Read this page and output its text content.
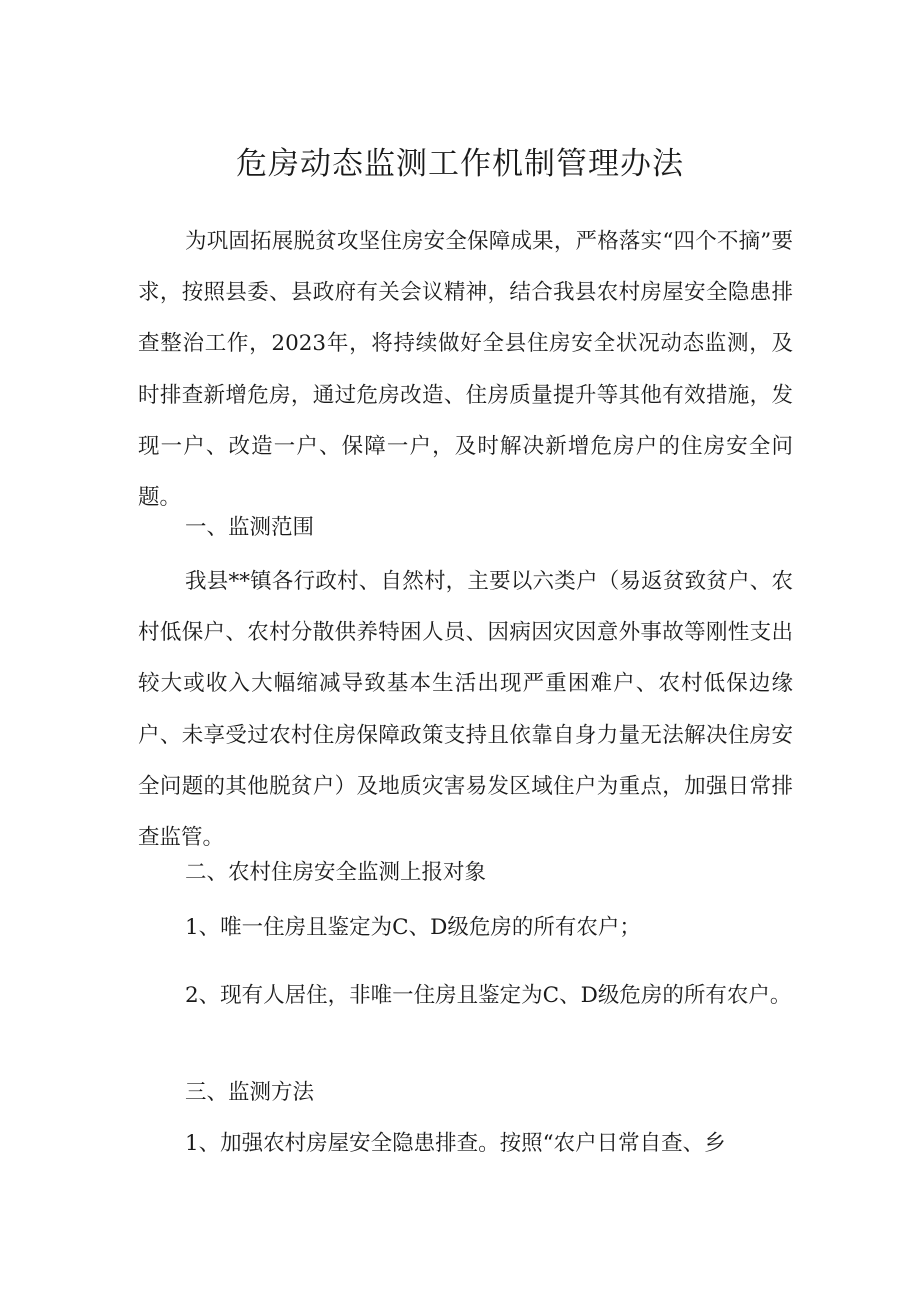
危房动态监测工作机制管理办法
为巩固拓展脱贫攻坚住房安全保障成果，严格落实“四个不摘”要求，按照县委、县政府有关会议精神，结合我县农村房屋安全隐患排查整治工作，2023年，将持续做好全县住房安全状况动态监测，及时排查新增危房，通过危房改造、住房质量提升等其他有效措施，发现一户、改造一户、保障一户，及时解决新增危房户的住房安全问题。
一、监测范围
我县**镇各行政村、自然村，主要以六类户（易返贫致贫户、农村低保户、农村分散供养特困人员、因病因灾因意外事故等刚性支出较大或收入大幅缩减导致基本生活出现严重困难户、农村低保边缘户、未享受过农村住房保障政策支持且依靠自身力量无法解决住房安全问题的其他脱贫户）及地质灾害易发区域住户为重点，加强日常排查监管。
二、农村住房安全监测上报对象
1、唯一住房且鉴定为C、D级危房的所有农户；
2、现有人居住，非唯一住房且鉴定为C、D级危房的所有农户。
三、监测方法
1、加强农村房屋安全隐患排查。按照“农户日常自查、乡
